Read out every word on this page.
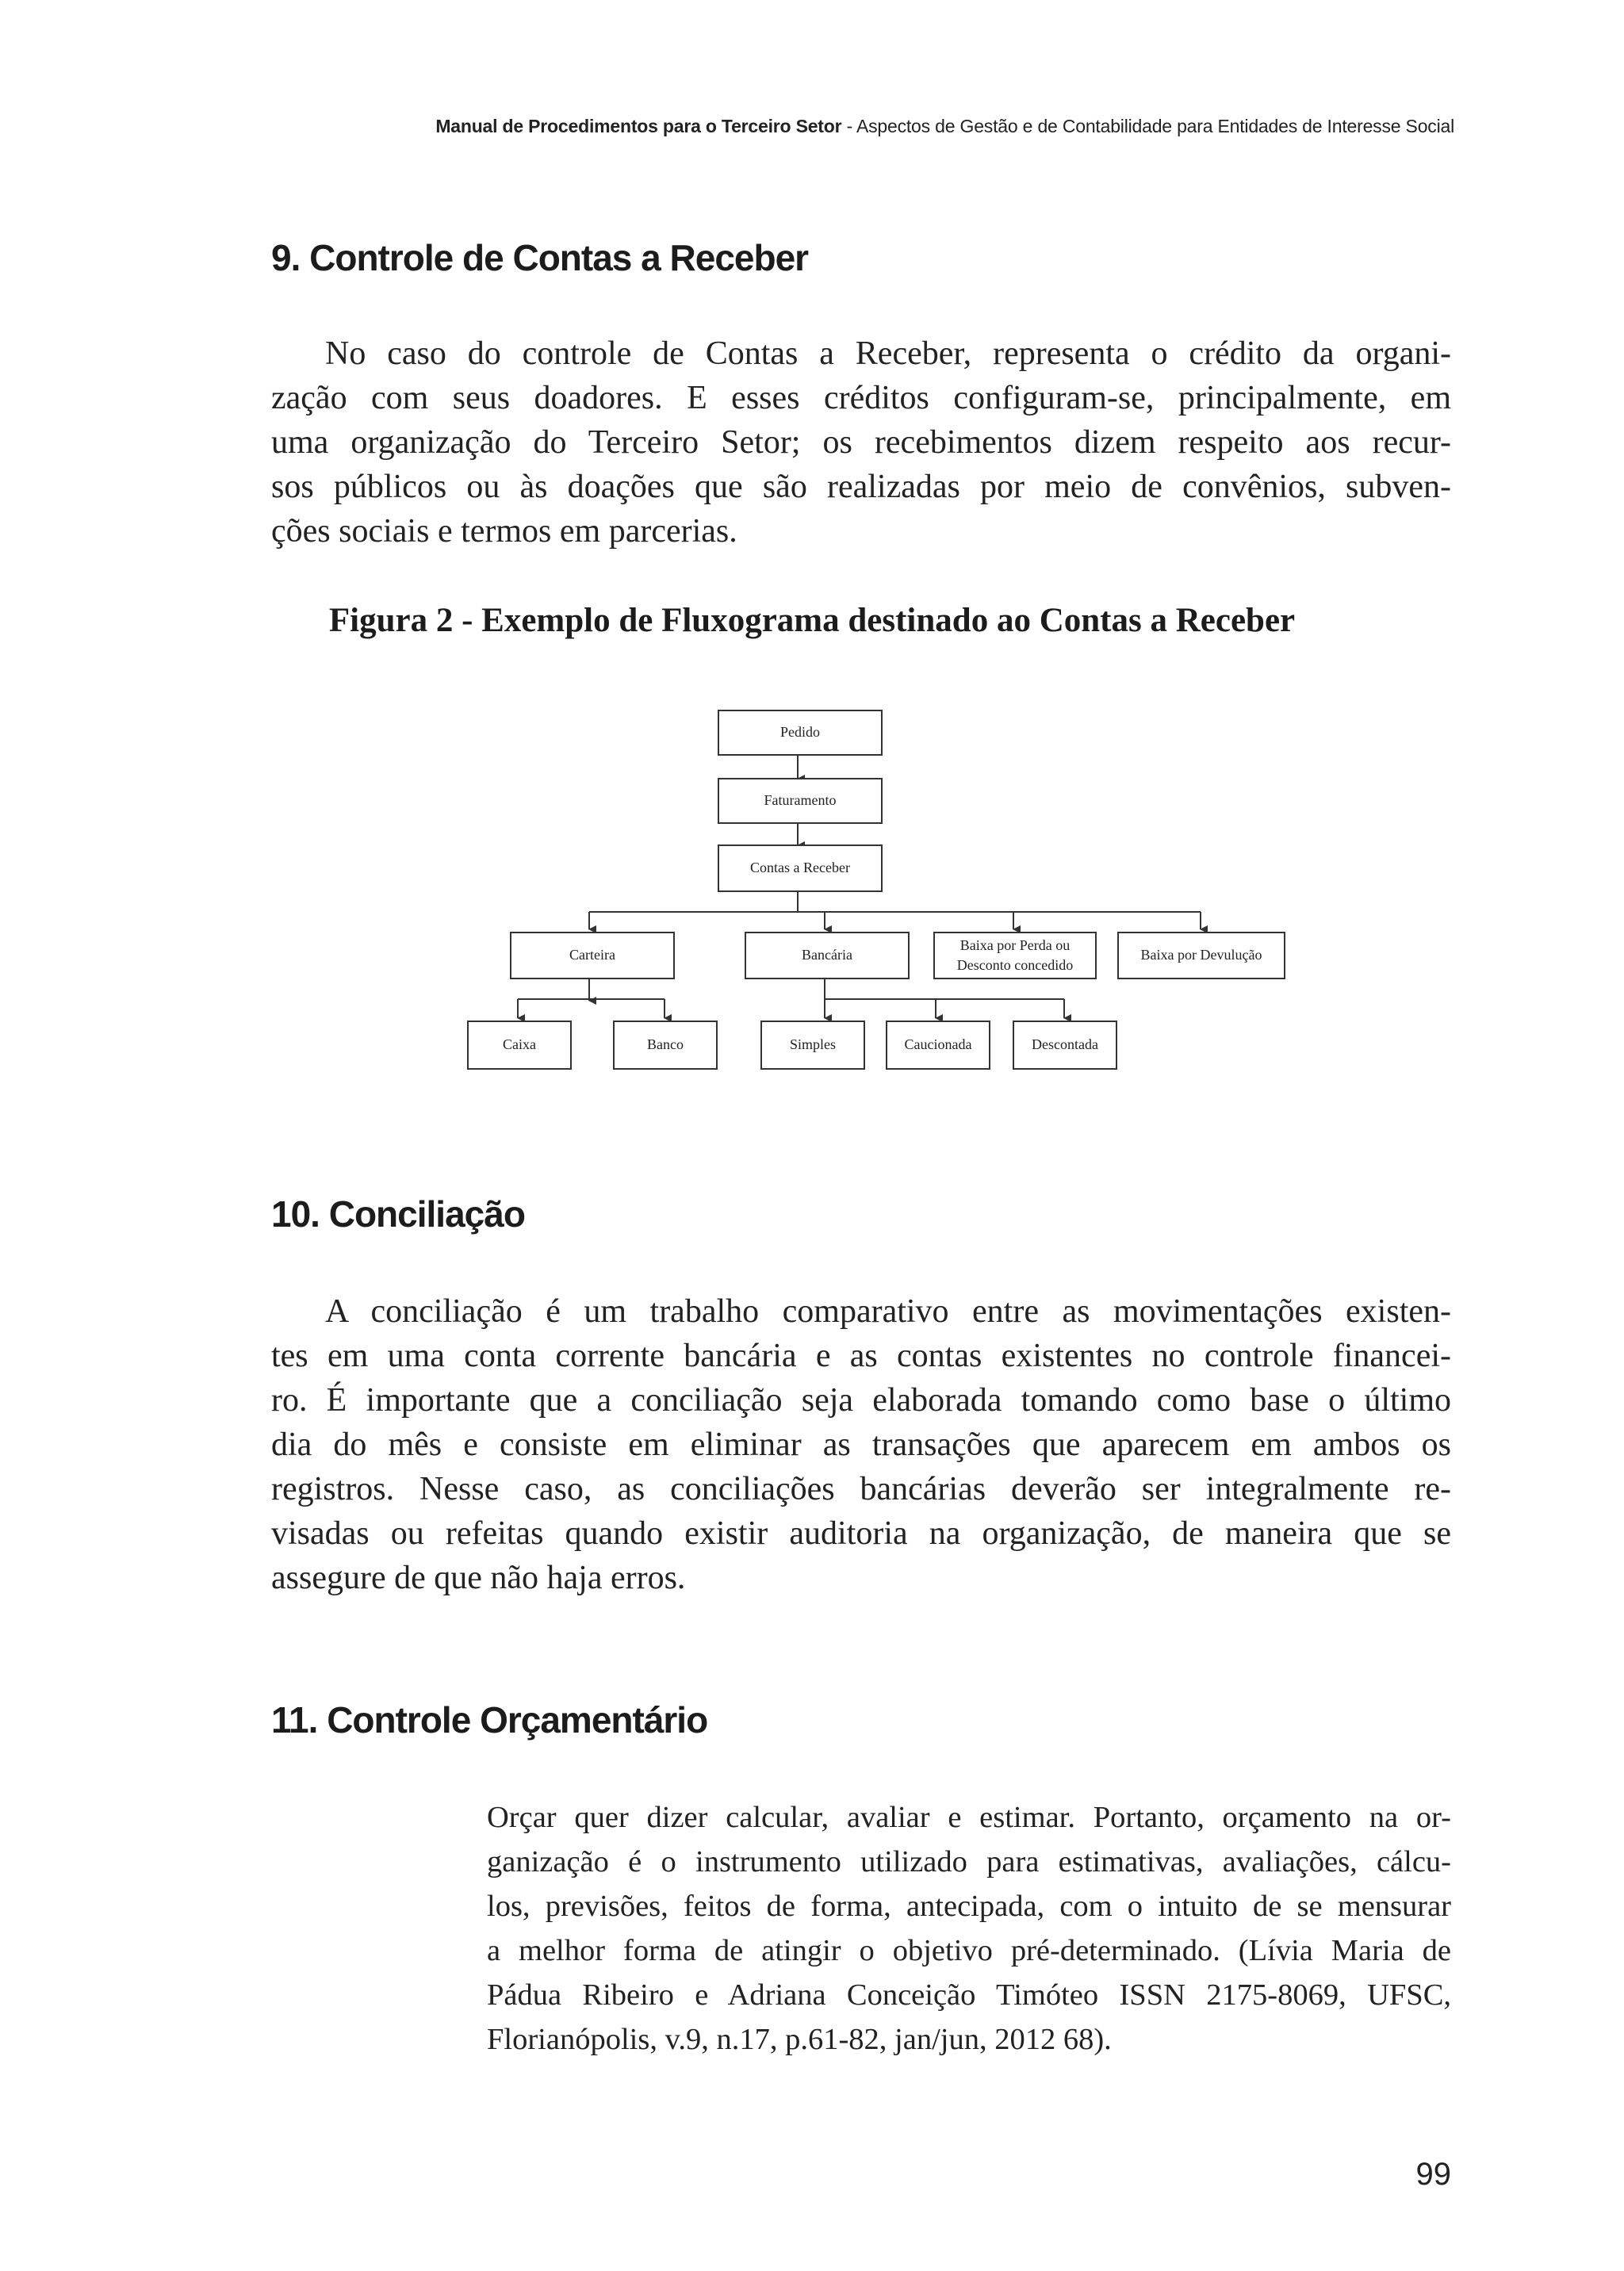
Manual de Procedimentos para o Terceiro Setor - Aspectos de Gestão e de Contabilidade para Entidades de Interesse Social
9. Controle de Contas a Receber

No caso do controle de Contas a Receber, representa o crédito da organi-
zação com seus doadores. E esses créditos configuram-se, principalmente, em
uma organização do Terceiro Setor; os recebimentos dizem respeito aos recur-
sos públicos ou às doações que são realizadas por meio de convênios, subven-
ções sociais e termos em parcerias.

Figura 2 - Exemplo de Fluxograma destinado ao Contas a Receber

Pedido
Faturamento
Contas a Receber
Carteira	Bancária
Baixa por Perda ou
Desconto concedido
Baixa por Devulução
Caixa	Banco	Simples	Caucionada	Descontada
10. Conciliação

A conciliação é um trabalho comparativo entre as movimentações existen-
tes em uma conta corrente bancária e as contas existentes no controle financei-
ro. É importante que a conciliação seja elaborada tomando como base o último
dia do mês e consiste em eliminar as transações que aparecem em ambos os
registros. Nesse caso, as conciliações bancárias deverão ser integralmente re-
visadas ou refeitas quando existir auditoria na organização, de maneira que se
assegure de que não haja erros.

11. Controle Orçamentário

Orçar quer dizer calcular, avaliar e estimar. Portanto, orçamento na or-
ganização é o instrumento utilizado para estimativas, avaliações, cálcu-
los, previsões, feitos de forma, antecipada, com o intuito de se mensurar
a melhor forma de atingir o objetivo pré-determinado. (Lívia Maria de
Pádua Ribeiro e Adriana Conceição Timóteo ISSN 2175-8069, UFSC,
Florianópolis, v.9, n.17, p.61-82, jan/jun, 2012 68).

99
